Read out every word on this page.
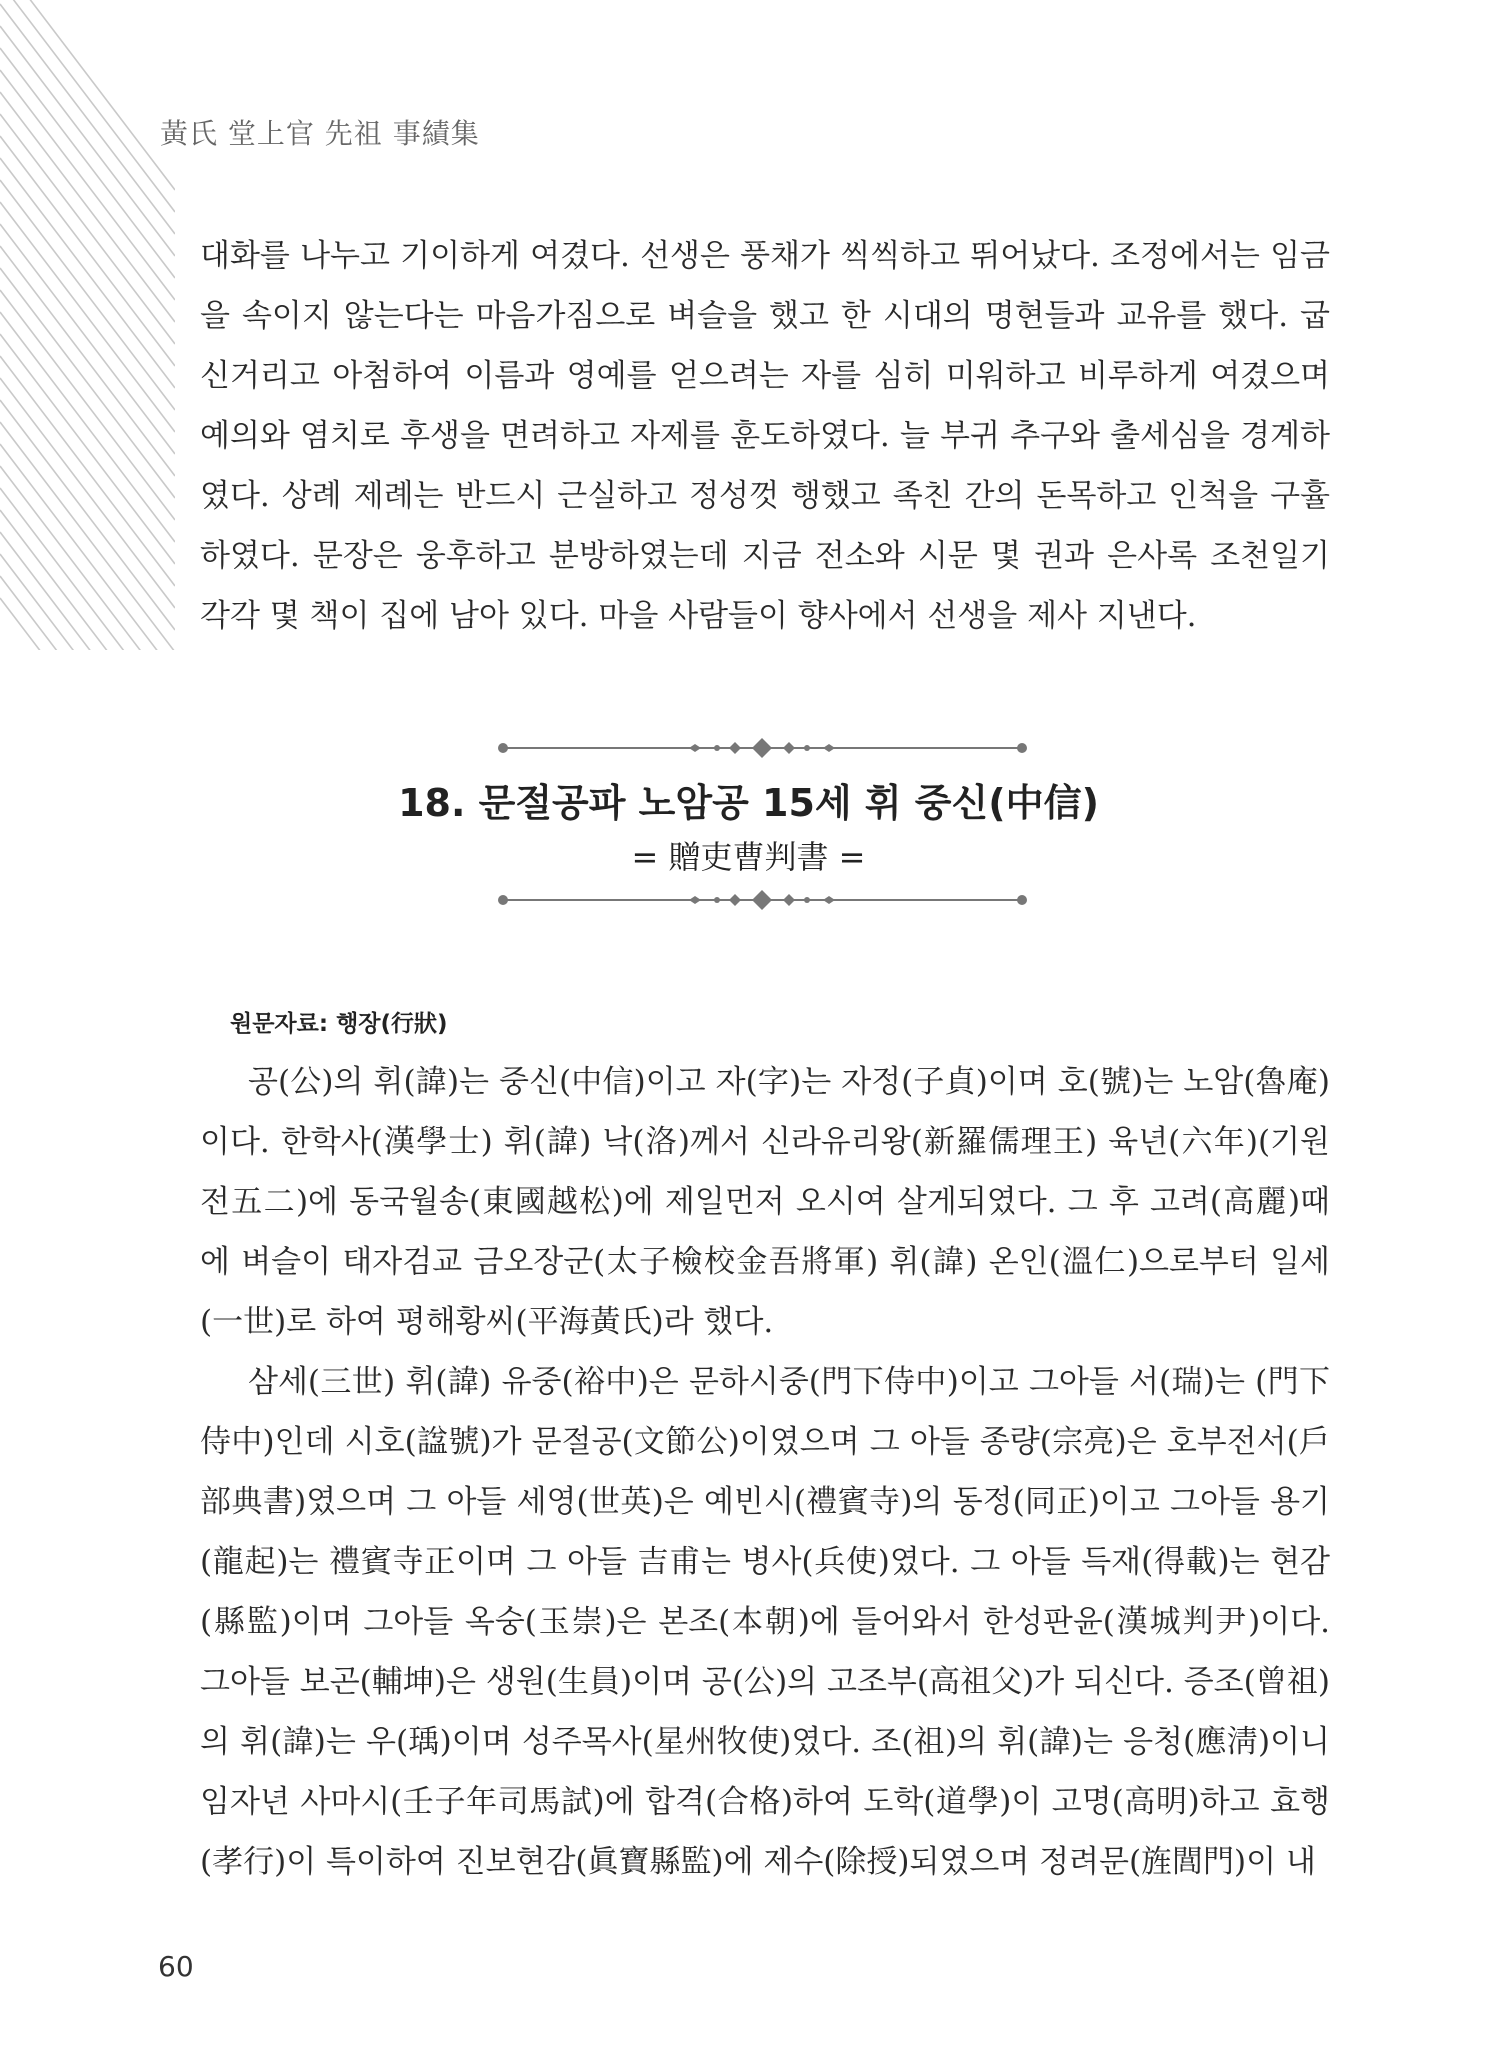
黃氏 堂上官 先祖 事績集

대화를 나누고 기이하게 여겼다. 선생은 풍채가 씩씩하고 뛰어났다. 조정에서는 임금을 속이지 않는다는 마음가짐으로 벼슬을 했고 한 시대의 명현들과 교유를 했다. 굽신거리고 아첨하여 이름과 영예를 얻으려는 자를 심히 미워하고 비루하게 여겼으며 예의와 염치로 후생을 면려하고 자제를 훈도하였다. 늘 부귀 추구와 출세심을 경계하였다. 상례 제례는 반드시 근실하고 정성껏 행했고 족친 간의 돈목하고 인척을 구휼하였다. 문장은 웅후하고 분방하였는데 지금 전소와 시문 몇 권과 은사록 조천일기 각각 몇 책이 집에 남아 있다. 마을 사람들이 향사에서 선생을 제사 지낸다.

18. 문절공파 노암공 15세 휘 중신(中信)
= 贈吏曹判書 =
원문자료: 행장(行狀)

공(公)의 휘(諱)는 중신(中信)이고 자(字)는 자정(子貞)이며 호(號)는 노암(魯庵)이다. 한학사(漢學士) 휘(諱) 낙(洛)께서 신라유리왕(新羅儒理王) 육년(六年)(기원전五二)에 동국월송(東國越松)에 제일먼저 오시여 살게되였다. 그 후 고려(高麗)때에 벼슬이 태자검교 금오장군(太子檢校金吾將軍) 휘(諱) 온인(溫仁)으로부터 일세(一世)로 하여 평해황씨(平海黃氏)라 했다.

삼세(三世) 휘(諱) 유중(裕中)은 문하시중(門下侍中)이고 그아들 서(瑞)는 (門下侍中)인데 시호(諡號)가 문절공(文節公)이였으며 그 아들 종량(宗亮)은 호부전서(戶部典書)였으며 그 아들 세영(世英)은 예빈시(禮賓寺)의 동정(同正)이고 그아들 용기(龍起)는 禮賓寺正이며 그 아들 吉甫는 병사(兵使)였다. 그 아들 득재(得載)는 현감(縣監)이며 그아들 옥숭(玉崇)은 본조(本朝)에 들어와서 한성판윤(漢城判尹)이다. 그아들 보곤(輔坤)은 생원(生員)이며 공(公)의 고조부(高祖父)가 되신다. 증조(曾祖)의 휘(諱)는 우(瑀)이며 성주목사(星州牧使)였다. 조(祖)의 휘(諱)는 응청(應淸)이니 임자년 사마시(壬子年司馬試)에 합격(合格)하여 도학(道學)이 고명(高明)하고 효행(孝行)이 특이하여 진보현감(眞寶縣監)에 제수(除授)되였으며 정려문(旌閭門)이 내

60
